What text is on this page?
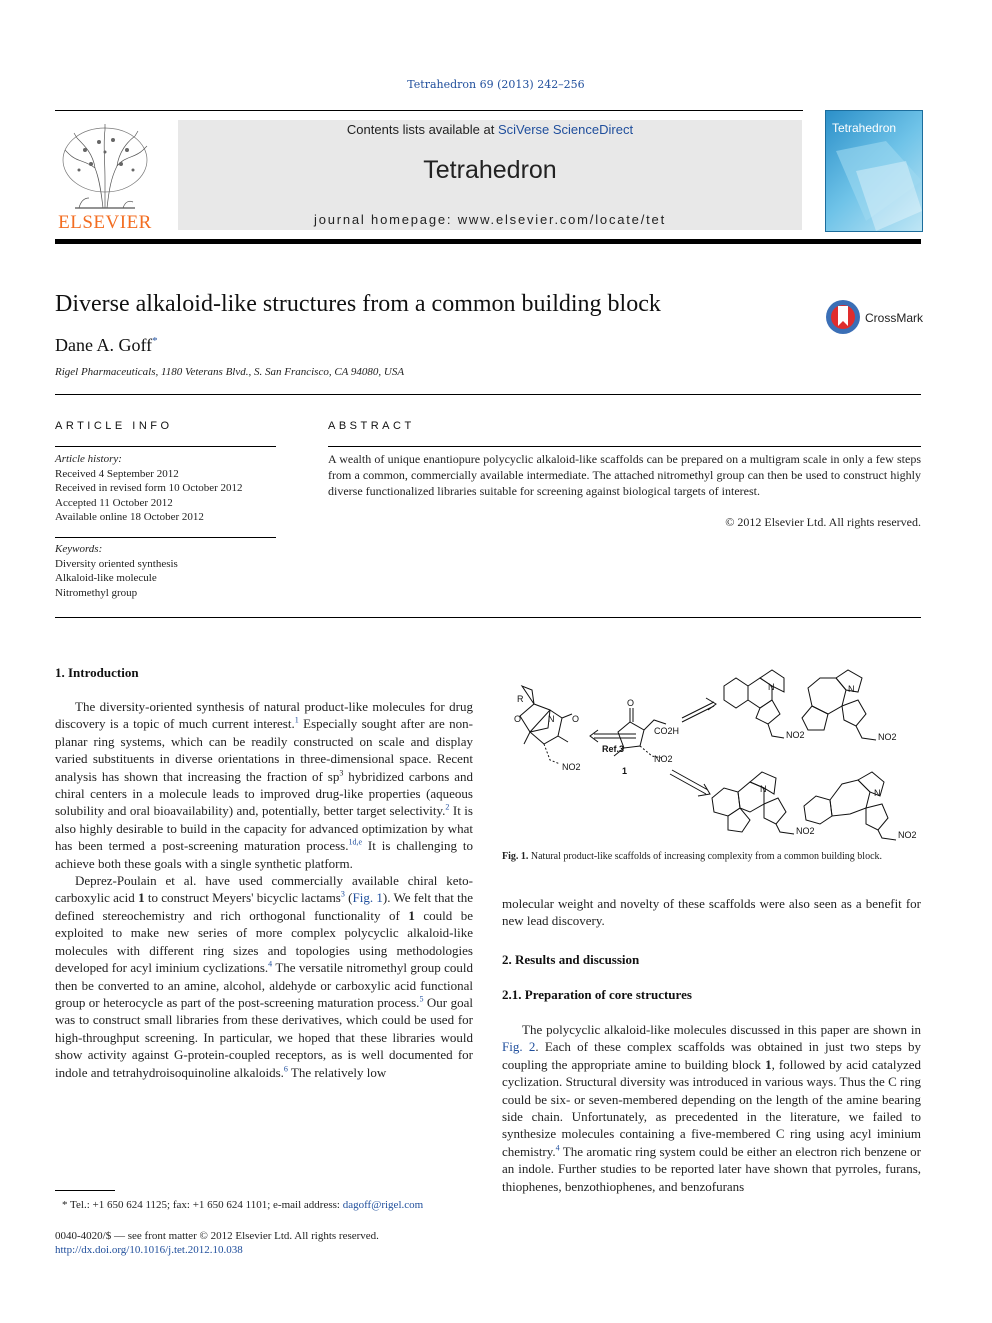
Tetrahedron 69 (2013) 242–256
ELSEVIER
Contents lists available at SciVerse ScienceDirect
Tetrahedron
journal homepage: www.elsevier.com/locate/tet
Tetrahedron
Diverse alkaloid-like structures from a common building block
CrossMark
Dane A. Goff*
Rigel Pharmaceuticals, 1180 Veterans Blvd., S. San Francisco, CA 94080, USA
ARTICLE INFO
Article history:
Received 4 September 2012
Received in revised form 10 October 2012
Accepted 11 October 2012
Available online 18 October 2012
Keywords:
Diversity oriented synthesis
Alkaloid-like molecule
Nitromethyl group
ABSTRACT
A wealth of unique enantiopure polycyclic alkaloid-like scaffolds can be prepared on a multigram scale in only a few steps from a common, commercially available intermediate. The attached nitromethyl group can then be used to construct highly diverse functionalized libraries suitable for screening against biological targets of interest.
© 2012 Elsevier Ltd. All rights reserved.
1. Introduction

The diversity-oriented synthesis of natural product-like molecules for drug discovery is a topic of much current interest.$^1$ Especially sought after are non-planar ring systems, which can be readily constructed on scale and display varied substituents in diverse orientations in three-dimensional space. Recent analysis has shown that increasing the fraction of $sp^3$ hybridized carbons and chiral centers in a molecule leads to improved drug-like properties (aqueous solubility and oral bioavailability) and, potentially, better target selectivity.$^2$ It is also highly desirable to build in the capacity for advanced optimization by what has been termed a post-screening maturation process.$^{1d,e}$ It is challenging to achieve both these goals with a single synthetic platform.

Deprez-Poulain et al. have used commercially available chiral keto-carboxylic acid 1 to construct Meyers' bicyclic lactams$^3$ (Fig. 1). We felt that the defined stereochemistry and rich orthogonal functionality of 1 could be exploited to make new series of more complex polycyclic alkaloid-like molecules with different ring sizes and topologies using methodologies developed for acyl iminium cyclizations.$^4$ The versatile nitromethyl group could then be converted to an amine, alcohol, aldehyde or carboxylic acid functional group or heterocycle as part of the post-screening maturation process.$^5$ Our goal was to construct small libraries from these derivatives, which could be used for high-throughput screening. In particular, we hoped that these libraries would show activity against G-protein-coupled receptors, as is well documented for indole and tetrahydroisoquinoline alkaloids.$^6$ The relatively low

R
O	N O
NO2
Ref.3
O
CO2H
NO2
1
N
NO2
N
NO2
N
NO2
N
NO2
Fig. 1. Natural product-like scaffolds of increasing complexity from a common building block.

molecular weight and novelty of these scaffolds were also seen as a benefit for new lead discovery.

2. Results and discussion
2.1. Preparation of core structures

The polycyclic alkaloid-like molecules discussed in this paper are shown in Fig. 2. Each of these complex scaffolds was obtained in just two steps by coupling the appropriate amine to building block 1, followed by acid catalyzed cyclization. Structural diversity was introduced in various ways. Thus the C ring could be six- or seven-membered depending on the length of the amine bearing side chain. Unfortunately, as precedented in the literature, we failed to synthesize molecules containing a five-membered C ring using acyl iminium chemistry.$^4$ The aromatic ring system could be either an electron rich benzene or an indole. Further studies to be reported later have shown that pyrroles, furans, thiophenes, benzothiophenes, and benzofurans

* Tel.: +1 650 624 1125; fax: +1 650 624 1101; e-mail address: dagoff@rigel.com
0040-4020/$ — see front matter © 2012 Elsevier Ltd. All rights reserved.
http://dx.doi.org/10.1016/j.tet.2012.10.038
